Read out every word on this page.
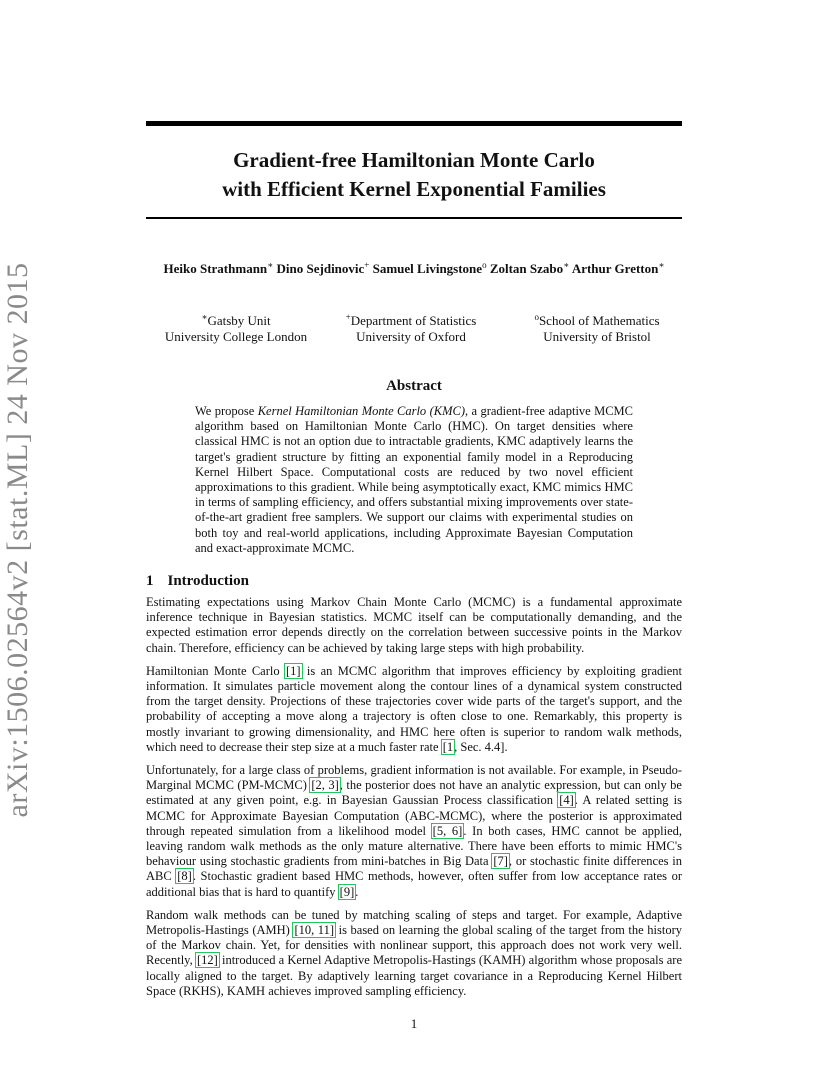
arXiv:1506.02564v2 [stat.ML] 24 Nov 2015
Gradient-free Hamiltonian Monte Carlo
with Efficient Kernel Exponential Families
Heiko Strathmann∗ Dino Sejdinovic+ Samuel Livingstone$^o$ Zoltan Szabo∗ Arthur Gretton∗
∗Gatsby Unit
University College London
+Department of Statistics
University of Oxford
$^o$School of Mathematics
University of Bristol
Abstract
We propose Kernel Hamiltonian Monte Carlo (KMC), a gradient-free adaptive MCMC algorithm based on Hamiltonian Monte Carlo (HMC). On target densities where classical HMC is not an option due to intractable gradients, KMC adaptively learns the target's gradient structure by fitting an exponential family model in a Reproducing Kernel Hilbert Space. Computational costs are reduced by two novel efficient approximations to this gradient. While being asymptotically exact, KMC mimics HMC in terms of sampling efficiency, and offers substantial mixing improvements over state-of-the-art gradient free samplers. We support our claims with experimental studies on both toy and real-world applications, including Approximate Bayesian Computation and exact-approximate MCMC.
1 Introduction

Estimating expectations using Markov Chain Monte Carlo (MCMC) is a fundamental approximate inference technique in Bayesian statistics. MCMC itself can be computationally demanding, and the expected estimation error depends directly on the correlation between successive points in the Markov chain. Therefore, efficiency can be achieved by taking large steps with high probability.

Hamiltonian Monte Carlo [1] is an MCMC algorithm that improves efficiency by exploiting gradient information. It simulates particle movement along the contour lines of a dynamical system constructed from the target density. Projections of these trajectories cover wide parts of the target's support, and the probability of accepting a move along a trajectory is often close to one. Remarkably, this property is mostly invariant to growing dimensionality, and HMC here often is superior to random walk methods, which need to decrease their step size at a much faster rate [1, Sec. 4.4].

Unfortunately, for a large class of problems, gradient information is not available. For example, in Pseudo-Marginal MCMC (PM-MCMC) [2, 3], the posterior does not have an analytic expression, but can only be estimated at any given point, e.g. in Bayesian Gaussian Process classification [4]. A related setting is MCMC for Approximate Bayesian Computation (ABC-MCMC), where the posterior is approximated through repeated simulation from a likelihood model [5, 6]. In both cases, HMC cannot be applied, leaving random walk methods as the only mature alternative. There have been efforts to mimic HMC's behaviour using stochastic gradients from mini-batches in Big Data [7], or stochastic finite differences in ABC [8]. Stochastic gradient based HMC methods, however, often suffer from low acceptance rates or additional bias that is hard to quantify [9].

Random walk methods can be tuned by matching scaling of steps and target. For example, Adaptive Metropolis-Hastings (AMH) [10, 11] is based on learning the global scaling of the target from the history of the Markov chain. Yet, for densities with nonlinear support, this approach does not work very well. Recently, [12] introduced a Kernel Adaptive Metropolis-Hastings (KAMH) algorithm whose proposals are locally aligned to the target. By adaptively learning target covariance in a Reproducing Kernel Hilbert Space (RKHS), KAMH achieves improved sampling efficiency.

1
